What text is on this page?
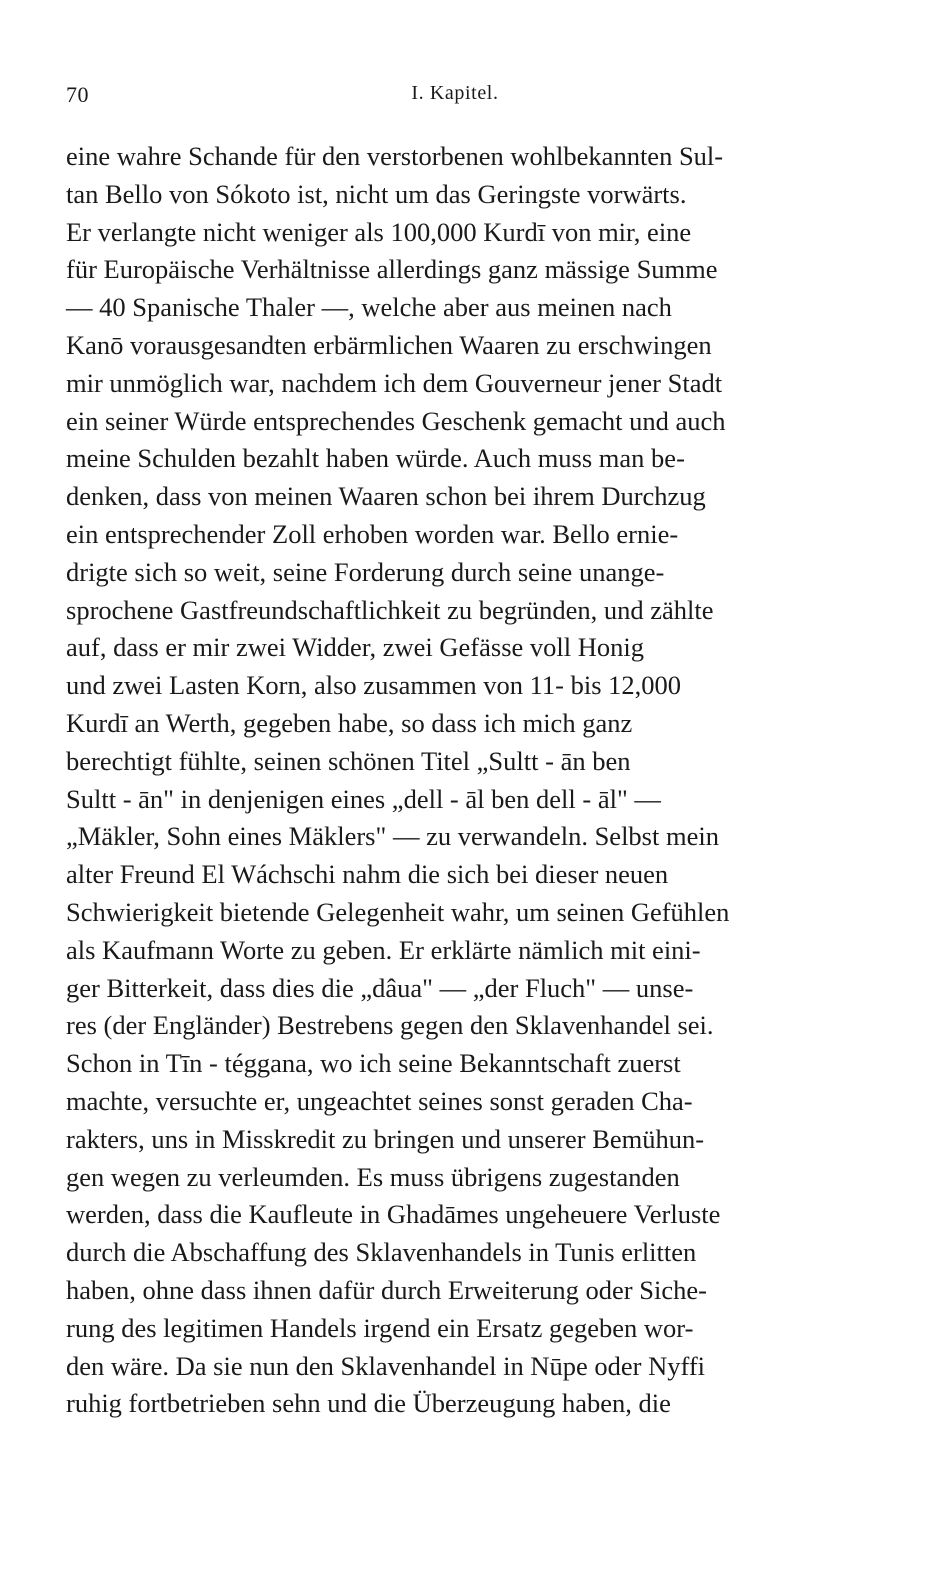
70	I. Kapitel.
eine wahre Schande für den verstorbenen wohlbekannten Sul-
tan Bello von Sókoto ist, nicht um das Geringste vorwärts.
Er verlangte nicht weniger als 100,000 Kurdī von mir, eine
für Europäische Verhältnisse allerdings ganz mässige Summe
— 40 Spanische Thaler —, welche aber aus meinen nach
Kanō vorausgesandten erbärmlichen Waaren zu erschwingen
mir unmöglich war, nachdem ich dem Gouverneur jener Stadt
ein seiner Würde entsprechendes Geschenk gemacht und auch
meine Schulden bezahlt haben würde. Auch muss man be-
denken, dass von meinen Waaren schon bei ihrem Durchzug
ein entsprechender Zoll erhoben worden war. Bello ernie-
drigte sich so weit, seine Forderung durch seine unange-
sprochene Gastfreundschaftlichkeit zu begründen, und zählte
auf, dass er mir zwei Widder, zwei Gefässe voll Honig
und zwei Lasten Korn, also zusammen von 11- bis 12,000
Kurdī an Werth, gegeben habe, so dass ich mich ganz
berechtigt fühlte, seinen schönen Titel „Sultt - ān ben
Sultt - ān" in denjenigen eines „dell - āl ben dell - āl" —
„Mäkler, Sohn eines Mäklers" — zu verwandeln. Selbst mein
alter Freund El Wáchschi nahm die sich bei dieser neuen
Schwierigkeit bietende Gelegenheit wahr, um seinen Gefühlen
als Kaufmann Worte zu geben. Er erklärte nämlich mit eini-
ger Bitterkeit, dass dies die „dâua" — „der Fluch" — unse-
res (der Engländer) Bestrebens gegen den Sklavenhandel sei.
Schon in Tīn - téggana, wo ich seine Bekanntschaft zuerst
machte, versuchte er, ungeachtet seines sonst geraden Cha-
rakters, uns in Misskredit zu bringen und unserer Bemühun-
gen wegen zu verleumden. Es muss übrigens zugestanden
werden, dass die Kaufleute in Ghadāmes ungeheuere Verluste
durch die Abschaffung des Sklavenhandels in Tunis erlitten
haben, ohne dass ihnen dafür durch Erweiterung oder Siche-
rung des legitimen Handels irgend ein Ersatz gegeben wor-
den wäre. Da sie nun den Sklavenhandel in Nūpe oder Nyffi
ruhig fortbetrieben sehn und die Überzeugung haben, die
